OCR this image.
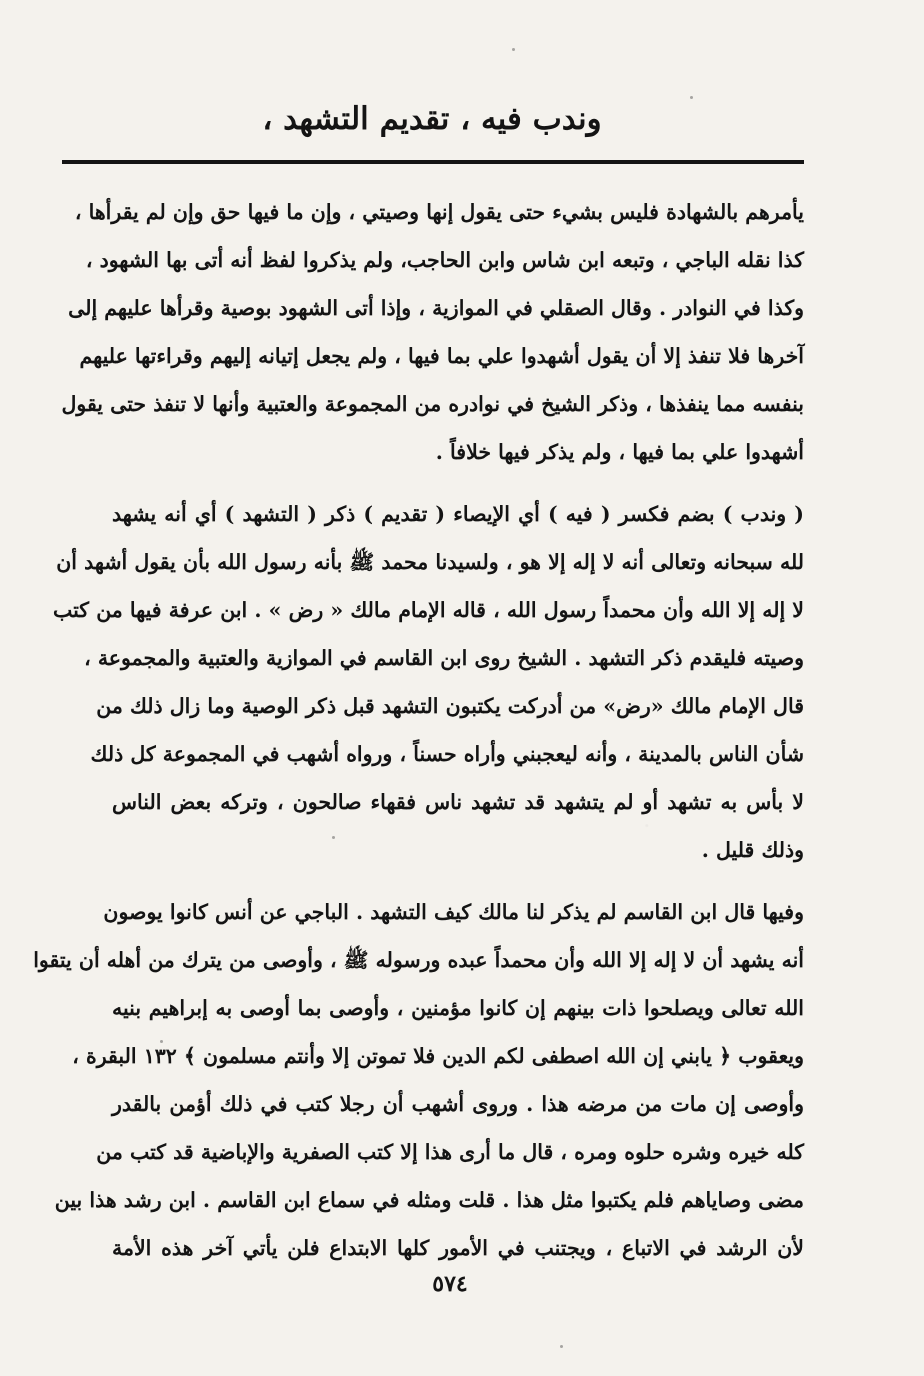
وندب فيه ، تقديم التشهد ،
يأمرهم بالشهادة فليس بشيء حتى يقول إنها وصيتي ، وإن ما فيها حق وإن لم يقرأها ،
كذا نقله الباجي ، وتبعه ابن شاس وابن الحاجب، ولم يذكروا لفظ أنه أتى بها الشهود ،
وكذا في النوادر . وقال الصقلي في الموازية ، وإذا أتى الشهود بوصية وقرأها عليهم إلى
آخرها فلا تنفذ إلا أن يقول أشهدوا علي بما فيها ، ولم يجعل إتيانه إليهم وقراءتها عليهم
بنفسه مما ينفذها ، وذكر الشيخ في نوادره من المجموعة والعتبية وأنها لا تنفذ حتى يقول
أشهدوا علي بما فيها ، ولم يذكر فيها خلافاً .
( وندب ) بضم فكسر ( فيه ) أي الإيصاء ( تقديم ) ذكر ( التشهد ) أي أنه يشهد
لله سبحانه وتعالى أنه لا إله إلا هو ، ولسيدنا محمد ﷺ بأنه رسول الله بأن يقول أشهد أن
لا إله إلا الله وأن محمداً رسول الله ، قاله الإمام مالك « رض » . ابن عرفة فيها من كتب
وصيته فليقدم ذكر التشهد . الشيخ روى ابن القاسم في الموازية والعتبية والمجموعة ،
قال الإمام مالك «رض» من أدركت يكتبون التشهد قبل ذكر الوصية وما زال ذلك من
شأن الناس بالمدينة ، وأنه ليعجبني وأراه حسناً ، ورواه أشهب في المجموعة كل ذلك
لا بأس به تشهد أو لم يتشهد قد تشهد ناس فقهاء صالحون ، وتركه بعض الناس
وذلك قليل .
وفيها قال ابن القاسم لم يذكر لنا مالك كيف التشهد . الباجي عن أنس كانوا يوصون
أنه يشهد أن لا إله إلا الله وأن محمداً عبده ورسوله ﷺ ، وأوصى من يترك من أهله أن يتقوا
الله تعالى ويصلحوا ذات بينهم إن كانوا مؤمنين ، وأوصى بما أوصى به إبراهيم بنيه
ويعقوب ﴿ يابني إن الله اصطفى لكم الدين فلا تموتن إلا وأنتم مسلمون ﴾ ١٣٢ البقرة ،
وأوصى إن مات من مرضه هذا . وروى أشهب أن رجلا كتب في ذلك أؤمن بالقدر
كله خيره وشره حلوه ومره ، قال ما أرى هذا إلا كتب الصفرية والإباضية قد كتب من
مضى وصاياهم فلم يكتبوا مثل هذا . قلت ومثله في سماع ابن القاسم . ابن رشد هذا بين
لأن الرشد في الاتباع ، ويجتنب في الأمور كلها الابتداع فلن يأتي آخر هذه الأمة
٥٧٤
